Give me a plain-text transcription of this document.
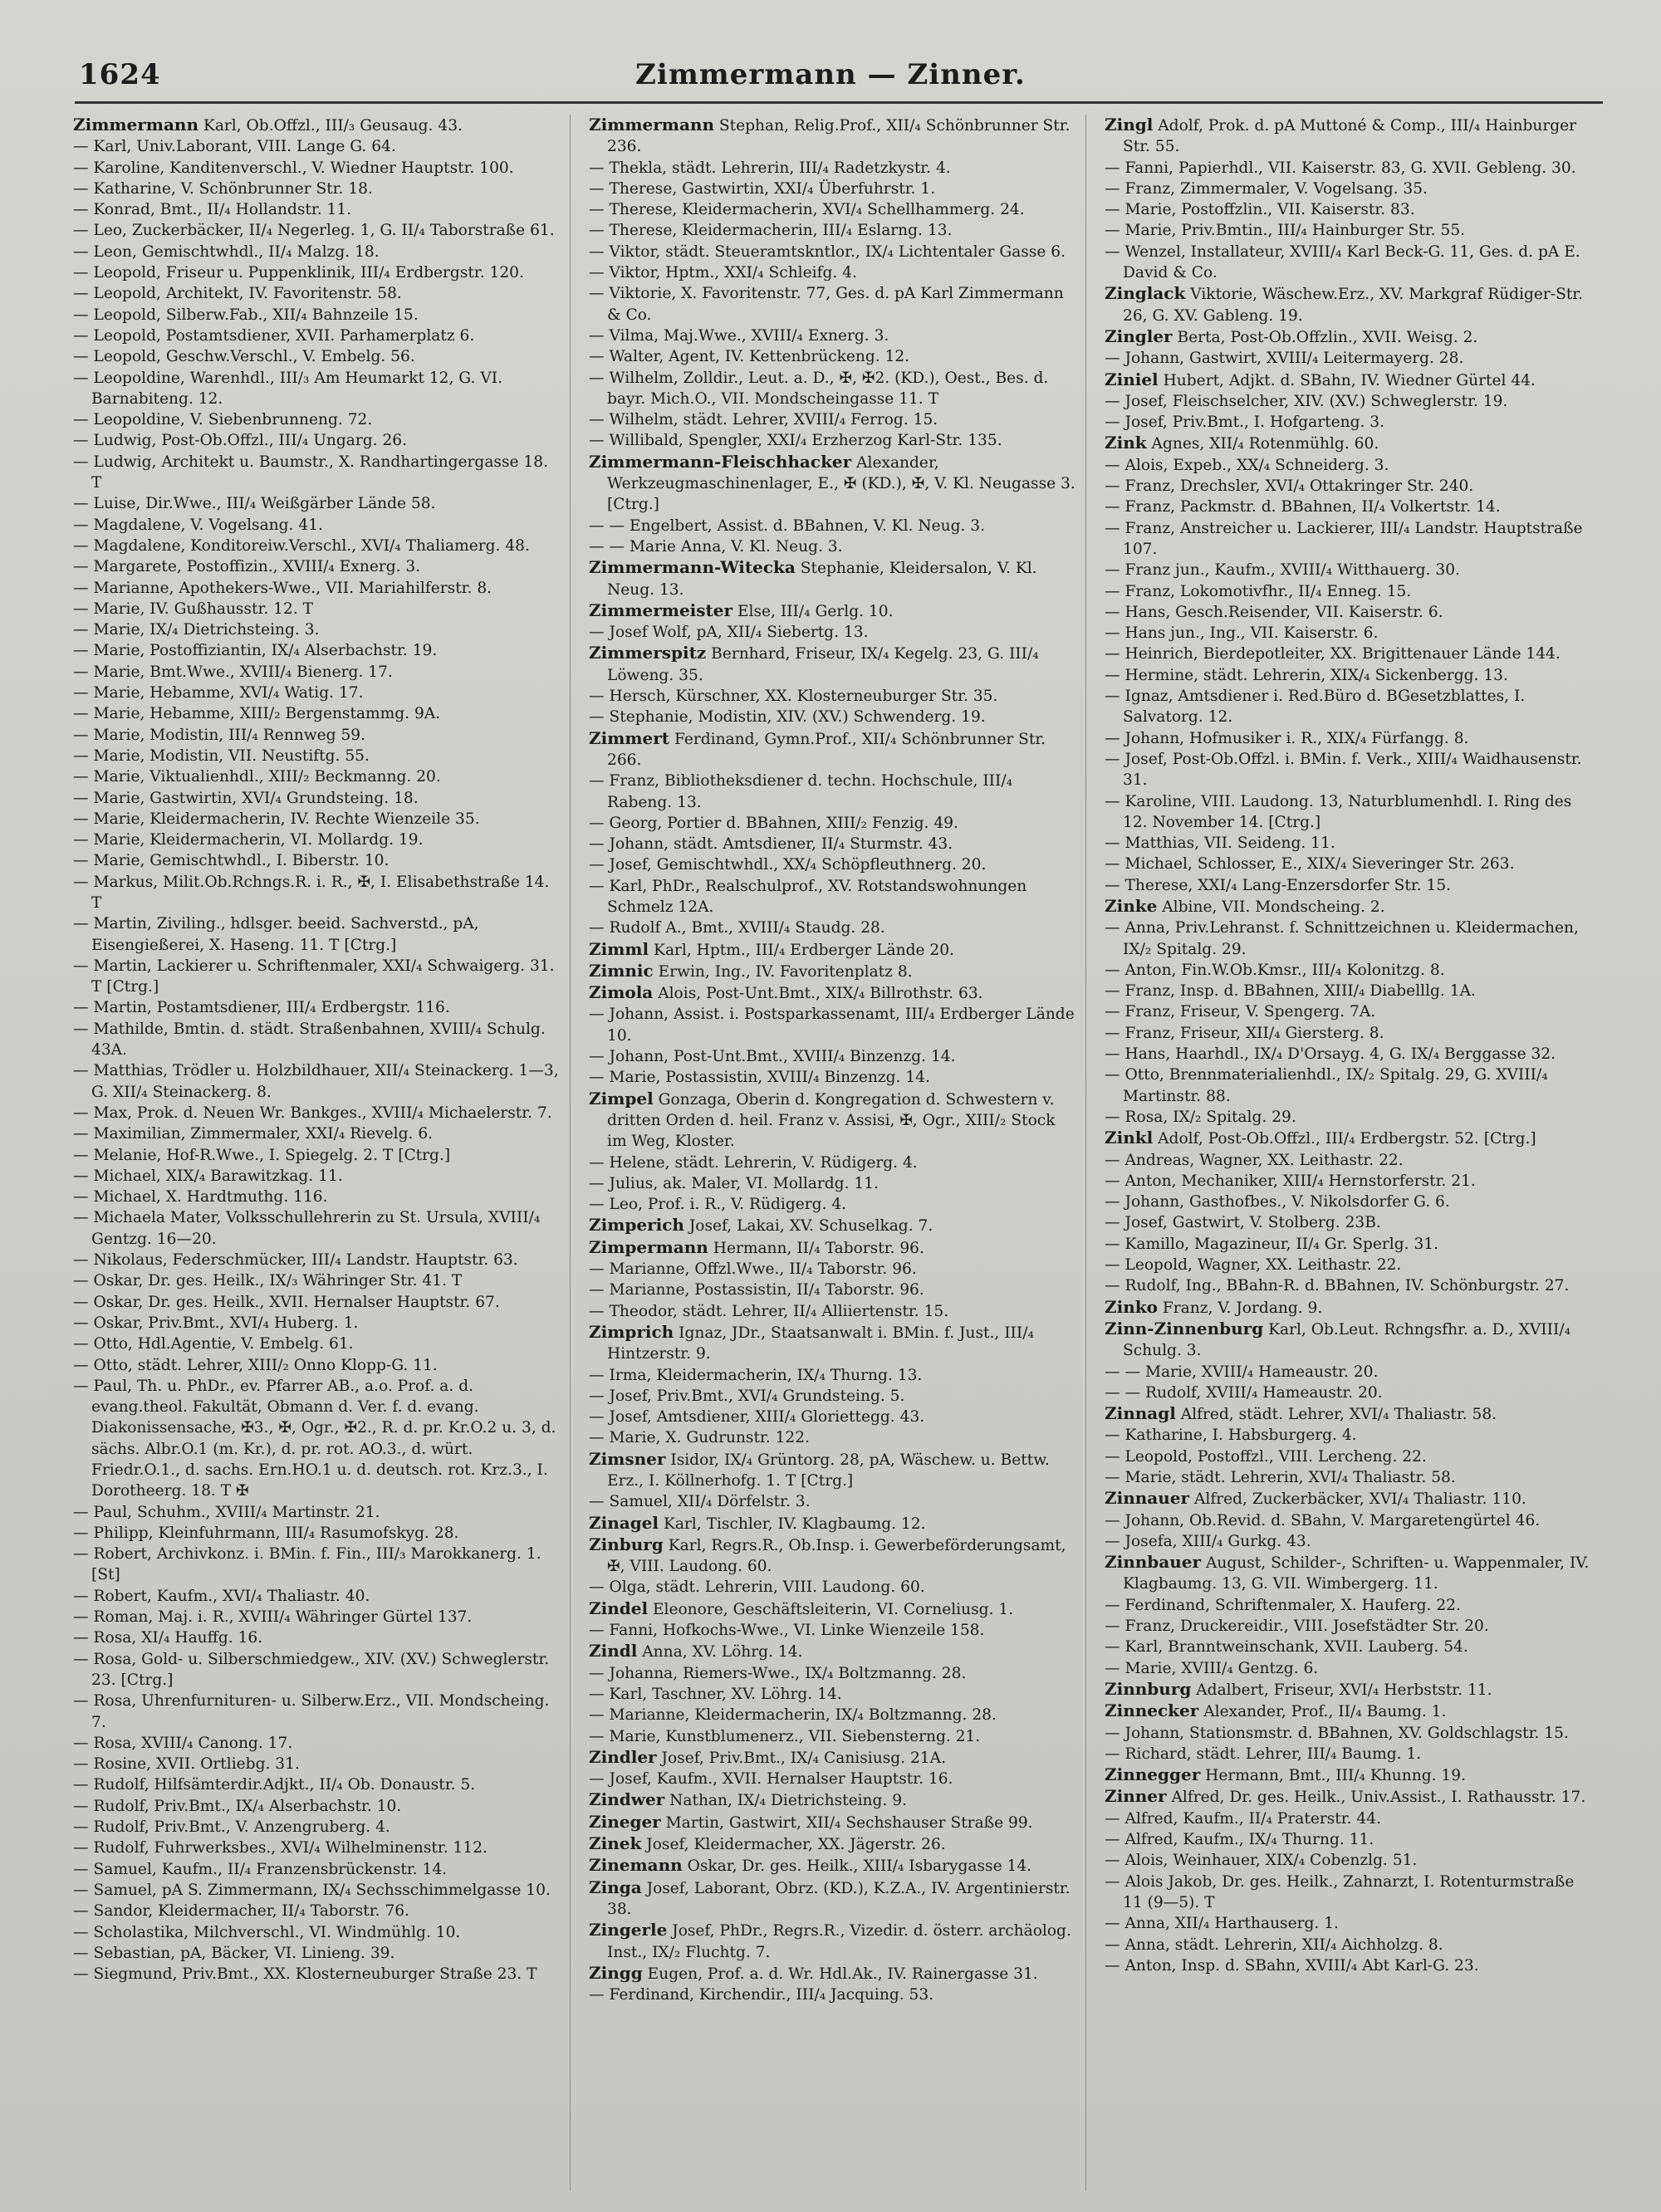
1624	Zimmermann — Zinner.

Zimmermann Karl, Ob.Offzl., III/₃ Geusaug. 43.

— Karl, Univ.Laborant, VIII. Lange G. 64.

— Karoline, Kanditenverschl., V. Wiedner Hauptstr. 100.

— Katharine, V. Schönbrunner Str. 18.

— Konrad, Bmt., II/₄ Hollandstr. 11.

— Leo, Zuckerbäcker, II/₄ Negerleg. 1, G. II/₄ Taborstraße 61.

— Leon, Gemischtwhdl., II/₄ Malzg. 18.

— Leopold, Friseur u. Puppenklinik, III/₄ Erdbergstr. 120.

— Leopold, Architekt, IV. Favoritenstr. 58.

— Leopold, Silberw.Fab., XII/₄ Bahnzeile 15.

— Leopold, Postamtsdiener, XVII. Parhamerplatz 6.

— Leopold, Geschw.Verschl., V. Embelg. 56.

— Leopoldine, Warenhdl., III/₃ Am Heumarkt 12, G. VI. Barnabiteng. 12.

— Leopoldine, V. Siebenbrunneng. 72.

— Ludwig, Post-Ob.Offzl., III/₄ Ungarg. 26.

— Ludwig, Architekt u. Baumstr., X. Randhartingergasse 18. T

— Luise, Dir.Wwe., III/₄ Weißgärber Lände 58.

— Magdalene, V. Vogelsang. 41.

— Magdalene, Konditoreiw.Verschl., XVI/₄ Thaliamerg. 48.

— Margarete, Postoffizin., XVIII/₄ Exnerg. 3.

— Marianne, Apothekers-Wwe., VII. Mariahilferstr. 8.

— Marie, IV. Gußhausstr. 12. T

— Marie, IX/₄ Dietrichsteing. 3.

— Marie, Postoffiziantin, IX/₄ Alserbachstr. 19.

— Marie, Bmt.Wwe., XVIII/₄ Bienerg. 17.

— Marie, Hebamme, XVI/₄ Watig. 17.

— Marie, Hebamme, XIII/₂ Bergenstammg. 9A.

— Marie, Modistin, III/₄ Rennweg 59.

— Marie, Modistin, VII. Neustiftg. 55.

— Marie, Viktualienhdl., XIII/₂ Beckmanng. 20.

— Marie, Gastwirtin, XVI/₄ Grundsteing. 18.

— Marie, Kleidermacherin, IV. Rechte Wienzeile 35.

— Marie, Kleidermacherin, VI. Mollardg. 19.

— Marie, Gemischtwhdl., I. Biberstr. 10.

— Markus, Milit.Ob.Rchngs.R. i. R., ✠, I. Elisabethstraße 14. T

— Martin, Ziviling., hdlsger. beeid. Sachverstd., pA, Eisengießerei, X. Haseng. 11. T [Ctrg.]

— Martin, Lackierer u. Schriftenmaler, XXI/₄ Schwaigerg. 31. T [Ctrg.]

— Martin, Postamtsdiener, III/₄ Erdbergstr. 116.

— Mathilde, Bmtin. d. städt. Straßenbahnen, XVIII/₄ Schulg. 43A.

— Matthias, Trödler u. Holzbildhauer, XII/₄ Steinackerg. 1—3, G. XII/₄ Steinackerg. 8.

— Max, Prok. d. Neuen Wr. Bankges., XVIII/₄ Michaelerstr. 7.

— Maximilian, Zimmermaler, XXI/₄ Rievelg. 6.

— Melanie, Hof-R.Wwe., I. Spiegelg. 2. T [Ctrg.]

— Michael, XIX/₄ Barawitzkag. 11.

— Michael, X. Hardtmuthg. 116.

— Michaela Mater, Volksschullehrerin zu St. Ursula, XVIII/₄ Gentzg. 16—20.

— Nikolaus, Federschmücker, III/₄ Landstr. Hauptstr. 63.

— Oskar, Dr. ges. Heilk., IX/₃ Währinger Str. 41. T

— Oskar, Dr. ges. Heilk., XVII. Hernalser Hauptstr. 67.

— Oskar, Priv.Bmt., XVI/₄ Huberg. 1.

— Otto, Hdl.Agentie, V. Embelg. 61.

— Otto, städt. Lehrer, XIII/₂ Onno Klopp-G. 11.

— Paul, Th. u. PhDr., ev. Pfarrer AB., a.o. Prof. a. d. evang.theol. Fakultät, Obmann d. Ver. f. d. evang. Diakonissensache, ✠3., ✠, Ogr., ✠2., R. d. pr. Kr.O.2 u. 3, d. sächs. Albr.O.1 (m. Kr.), d. pr. rot. AO.3., d. würt. Friedr.O.1., d. sachs. Ern.HO.1 u. d. deutsch. rot. Krz.3., I. Dorotheerg. 18. T ✠

— Paul, Schuhm., XVIII/₄ Martinstr. 21.

— Philipp, Kleinfuhrmann, III/₄ Rasumofskyg. 28.

— Robert, Archivkonz. i. BMin. f. Fin., III/₃ Marokkanerg. 1. [St]

— Robert, Kaufm., XVI/₄ Thaliastr. 40.

— Roman, Maj. i. R., XVIII/₄ Währinger Gürtel 137.

— Rosa, XI/₄ Hauffg. 16.

— Rosa, Gold- u. Silberschmiedgew., XIV. (XV.) Schweglerstr. 23. [Ctrg.]

— Rosa, Uhrenfurnituren- u. Silberw.Erz., VII. Mondscheing. 7.

— Rosa, XVIII/₄ Canong. 17.

— Rosine, XVII. Ortliebg. 31.

— Rudolf, Hilfsämterdir.Adjkt., II/₄ Ob. Donaustr. 5.

— Rudolf, Priv.Bmt., IX/₄ Alserbachstr. 10.

— Rudolf, Priv.Bmt., V. Anzengruberg. 4.

— Rudolf, Fuhrwerksbes., XVI/₄ Wilhelminenstr. 112.

— Samuel, Kaufm., II/₄ Franzensbrückenstr. 14.

— Samuel, pA S. Zimmermann, IX/₄ Sechsschimmelgasse 10.

— Sandor, Kleidermacher, II/₄ Taborstr. 76.

— Scholastika, Milchverschl., VI. Windmühlg. 10.

— Sebastian, pA, Bäcker, VI. Linieng. 39.

— Siegmund, Priv.Bmt., XX. Klosterneuburger Straße 23. T

Zimmermann Stephan, Relig.Prof., XII/₄ Schönbrunner Str. 236.

— Thekla, städt. Lehrerin, III/₄ Radetzkystr. 4.

— Therese, Gastwirtin, XXI/₄ Überfuhrstr. 1.

— Therese, Kleidermacherin, XVI/₄ Schellhammerg. 24.

— Therese, Kleidermacherin, III/₄ Eslarng. 13.

— Viktor, städt. Steueramtskntlor., IX/₄ Lichtentaler Gasse 6.

— Viktor, Hptm., XXI/₄ Schleifg. 4.

— Viktorie, X. Favoritenstr. 77, Ges. d. pA Karl Zimmermann & Co.

— Vilma, Maj.Wwe., XVIII/₄ Exnerg. 3.

— Walter, Agent, IV. Kettenbrückeng. 12.

— Wilhelm, Zolldir., Leut. a. D., ✠, ✠2. (KD.), Oest., Bes. d. bayr. Mich.O., VII. Mondscheingasse 11. T

— Wilhelm, städt. Lehrer, XVIII/₄ Ferrog. 15.

— Willibald, Spengler, XXI/₄ Erzherzog Karl-Str. 135.

Zimmermann-Fleischhacker Alexander, Werkzeugmaschinenlager, E., ✠ (KD.), ✠, V. Kl. Neugasse 3. [Ctrg.]

— — Engelbert, Assist. d. BBahnen, V. Kl. Neug. 3.

— — Marie Anna, V. Kl. Neug. 3.

Zimmermann-Witecka Stephanie, Kleidersalon, V. Kl. Neug. 13.

Zimmermeister Else, III/₄ Gerlg. 10.

— Josef Wolf, pA, XII/₄ Siebertg. 13.

Zimmerspitz Bernhard, Friseur, IX/₄ Kegelg. 23, G. III/₄ Löweng. 35.

— Hersch, Kürschner, XX. Klosterneuburger Str. 35.

— Stephanie, Modistin, XIV. (XV.) Schwenderg. 19.

Zimmert Ferdinand, Gymn.Prof., XII/₄ Schönbrunner Str. 266.

— Franz, Bibliotheksdiener d. techn. Hochschule, III/₄ Rabeng. 13.

— Georg, Portier d. BBahnen, XIII/₂ Fenzig. 49.

— Johann, städt. Amtsdiener, II/₄ Sturmstr. 43.

— Josef, Gemischtwhdl., XX/₄ Schöpfleuthnerg. 20.

— Karl, PhDr., Realschulprof., XV. Rotstandswohnungen Schmelz 12A.

— Rudolf A., Bmt., XVIII/₄ Staudg. 28.

Zimml Karl, Hptm., III/₄ Erdberger Lände 20.

Zimnic Erwin, Ing., IV. Favoritenplatz 8.

Zimola Alois, Post-Unt.Bmt., XIX/₄ Billrothstr. 63.

— Johann, Assist. i. Postsparkassenamt, III/₄ Erdberger Lände 10.

— Johann, Post-Unt.Bmt., XVIII/₄ Binzenzg. 14.

— Marie, Postassistin, XVIII/₄ Binzenzg. 14.

Zimpel Gonzaga, Oberin d. Kongregation d. Schwestern v. dritten Orden d. heil. Franz v. Assisi, ✠, Ogr., XIII/₂ Stock im Weg, Kloster.

— Helene, städt. Lehrerin, V. Rüdigerg. 4.

— Julius, ak. Maler, VI. Mollardg. 11.

— Leo, Prof. i. R., V. Rüdigerg. 4.

Zimperich Josef, Lakai, XV. Schuselkag. 7.

Zimpermann Hermann, II/₄ Taborstr. 96.

— Marianne, Offzl.Wwe., II/₄ Taborstr. 96.

— Marianne, Postassistin, II/₄ Taborstr. 96.

— Theodor, städt. Lehrer, II/₄ Alliiertenstr. 15.

Zimprich Ignaz, JDr., Staatsanwalt i. BMin. f. Just., III/₄ Hintzerstr. 9.

— Irma, Kleidermacherin, IX/₄ Thurng. 13.

— Josef, Priv.Bmt., XVI/₄ Grundsteing. 5.

— Josef, Amtsdiener, XIII/₄ Gloriettegg. 43.

— Marie, X. Gudrunstr. 122.

Zimsner Isidor, IX/₄ Grüntorg. 28, pA, Wäschew. u. Bettw. Erz., I. Köllnerhofg. 1. T [Ctrg.]

— Samuel, XII/₄ Dörfelstr. 3.

Zinagel Karl, Tischler, IV. Klagbaumg. 12.

Zinburg Karl, Regrs.R., Ob.Insp. i. Gewerbeförderungsamt, ✠, VIII. Laudong. 60.

— Olga, städt. Lehrerin, VIII. Laudong. 60.

Zindel Eleonore, Geschäftsleiterin, VI. Corneliusg. 1.

— Fanni, Hofkochs-Wwe., VI. Linke Wienzeile 158.

Zindl Anna, XV. Löhrg. 14.

— Johanna, Riemers-Wwe., IX/₄ Boltzmanng. 28.

— Karl, Taschner, XV. Löhrg. 14.

— Marianne, Kleidermacherin, IX/₄ Boltzmanng. 28.

— Marie, Kunstblumenerz., VII. Siebensterng. 21.

Zindler Josef, Priv.Bmt., IX/₄ Canisiusg. 21A.

— Josef, Kaufm., XVII. Hernalser Hauptstr. 16.

Zindwer Nathan, IX/₄ Dietrichsteing. 9.

Zineger Martin, Gastwirt, XII/₄ Sechshauser Straße 99.

Zinek Josef, Kleidermacher, XX. Jägerstr. 26.

Zinemann Oskar, Dr. ges. Heilk., XIII/₄ Isbarygasse 14.

Zinga Josef, Laborant, Obrz. (KD.), K.Z.A., IV. Argentinierstr. 38.

Zingerle Josef, PhDr., Regrs.R., Vizedir. d. österr. archäolog. Inst., IX/₂ Fluchtg. 7.

Zingg Eugen, Prof. a. d. Wr. Hdl.Ak., IV. Rainergasse 31.

— Ferdinand, Kirchendir., III/₄ Jacquing. 53.

Zingl Adolf, Prok. d. pA Muttoné & Comp., III/₄ Hainburger Str. 55.

— Fanni, Papierhdl., VII. Kaiserstr. 83, G. XVII. Gebleng. 30.

— Franz, Zimmermaler, V. Vogelsang. 35.

— Marie, Postoffzlin., VII. Kaiserstr. 83.

— Marie, Priv.Bmtin., III/₄ Hainburger Str. 55.

— Wenzel, Installateur, XVIII/₄ Karl Beck-G. 11, Ges. d. pA E. David & Co.

Zinglack Viktorie, Wäschew.Erz., XV. Markgraf Rüdiger-Str. 26, G. XV. Gableng. 19.

Zingler Berta, Post-Ob.Offzlin., XVII. Weisg. 2.

— Johann, Gastwirt, XVIII/₄ Leitermayerg. 28.

Ziniel Hubert, Adjkt. d. SBahn, IV. Wiedner Gürtel 44.

— Josef, Fleischselcher, XIV. (XV.) Schweglerstr. 19.

— Josef, Priv.Bmt., I. Hofgarteng. 3.

Zink Agnes, XII/₄ Rotenmühlg. 60.

— Alois, Expeb., XX/₄ Schneiderg. 3.

— Franz, Drechsler, XVI/₄ Ottakringer Str. 240.

— Franz, Packmstr. d. BBahnen, II/₄ Volkertstr. 14.

— Franz, Anstreicher u. Lackierer, III/₄ Landstr. Hauptstraße 107.

— Franz jun., Kaufm., XVIII/₄ Witthauerg. 30.

— Franz, Lokomotivfhr., II/₄ Enneg. 15.

— Hans, Gesch.Reisender, VII. Kaiserstr. 6.

— Hans jun., Ing., VII. Kaiserstr. 6.

— Heinrich, Bierdepotleiter, XX. Brigittenauer Lände 144.

— Hermine, städt. Lehrerin, XIX/₄ Sickenbergg. 13.

— Ignaz, Amtsdiener i. Red.Büro d. BGesetzblattes, I. Salvatorg. 12.

— Johann, Hofmusiker i. R., XIX/₄ Fürfangg. 8.

— Josef, Post-Ob.Offzl. i. BMin. f. Verk., XIII/₄ Waidhausenstr. 31.

— Karoline, VIII. Laudong. 13, Naturblumenhdl. I. Ring des 12. November 14. [Ctrg.]

— Matthias, VII. Seideng. 11.

— Michael, Schlosser, E., XIX/₄ Sieveringer Str. 263.

— Therese, XXI/₄ Lang-Enzersdorfer Str. 15.

Zinke Albine, VII. Mondscheing. 2.

— Anna, Priv.Lehranst. f. Schnittzeichnen u. Kleidermachen, IX/₂ Spitalg. 29.

— Anton, Fin.W.Ob.Kmsr., III/₄ Kolonitzg. 8.

— Franz, Insp. d. BBahnen, XIII/₄ Diabelllg. 1A.

— Franz, Friseur, V. Spengerg. 7A.

— Franz, Friseur, XII/₄ Giersterg. 8.

— Hans, Haarhdl., IX/₄ D'Orsayg. 4, G. IX/₄ Berggasse 32.

— Otto, Brennmaterialienhdl., IX/₂ Spitalg. 29, G. XVIII/₄ Martinstr. 88.

— Rosa, IX/₂ Spitalg. 29.

Zinkl Adolf, Post-Ob.Offzl., III/₄ Erdbergstr. 52. [Ctrg.]

— Andreas, Wagner, XX. Leithastr. 22.

— Anton, Mechaniker, XIII/₄ Hernstorferstr. 21.

— Johann, Gasthofbes., V. Nikolsdorfer G. 6.

— Josef, Gastwirt, V. Stolberg. 23B.

— Kamillo, Magazineur, II/₄ Gr. Sperlg. 31.

— Leopold, Wagner, XX. Leithastr. 22.

— Rudolf, Ing., BBahn-R. d. BBahnen, IV. Schönburgstr. 27.

Zinko Franz, V. Jordang. 9.

Zinn-Zinnenburg Karl, Ob.Leut. Rchngsfhr. a. D., XVIII/₄ Schulg. 3.

— — Marie, XVIII/₄ Hameaustr. 20.

— — Rudolf, XVIII/₄ Hameaustr. 20.

Zinnagl Alfred, städt. Lehrer, XVI/₄ Thaliastr. 58.

— Katharine, I. Habsburgerg. 4.

— Leopold, Postoffzl., VIII. Lercheng. 22.

— Marie, städt. Lehrerin, XVI/₄ Thaliastr. 58.

Zinnauer Alfred, Zuckerbäcker, XVI/₄ Thaliastr. 110.

— Johann, Ob.Revid. d. SBahn, V. Margaretengürtel 46.

— Josefa, XIII/₄ Gurkg. 43.

Zinnbauer August, Schilder-, Schriften- u. Wappenmaler, IV. Klagbaumg. 13, G. VII. Wimbergerg. 11.

— Ferdinand, Schriftenmaler, X. Hauferg. 22.

— Franz, Druckereidir., VIII. Josefstädter Str. 20.

— Karl, Branntweinschank, XVII. Lauberg. 54.

— Marie, XVIII/₄ Gentzg. 6.

Zinnburg Adalbert, Friseur, XVI/₄ Herbststr. 11.

Zinnecker Alexander, Prof., II/₄ Baumg. 1.

— Johann, Stationsmstr. d. BBahnen, XV. Goldschlagstr. 15.

— Richard, städt. Lehrer, III/₄ Baumg. 1.

Zinnegger Hermann, Bmt., III/₄ Khunng. 19.

Zinner Alfred, Dr. ges. Heilk., Univ.Assist., I. Rathausstr. 17.

— Alfred, Kaufm., II/₄ Praterstr. 44.

— Alfred, Kaufm., IX/₄ Thurng. 11.

— Alois, Weinhauer, XIX/₄ Cobenzlg. 51.

— Alois Jakob, Dr. ges. Heilk., Zahnarzt, I. Rotenturmstraße 11 (9—5). T

— Anna, XII/₄ Harthauserg. 1.

— Anna, städt. Lehrerin, XII/₄ Aichholzg. 8.

— Anton, Insp. d. SBahn, XVIII/₄ Abt Karl-G. 23.
